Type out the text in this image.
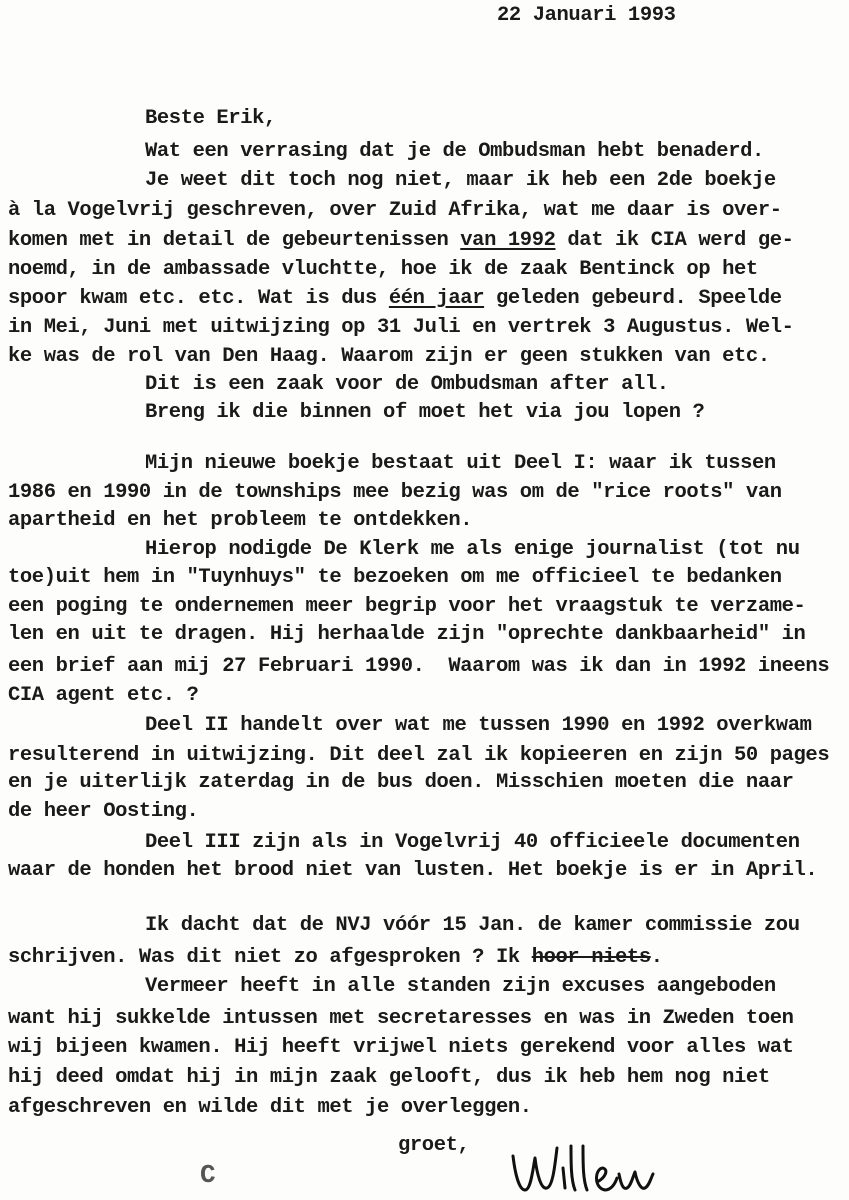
22 Januari 1993
Beste Erik,
Wat een verrasing dat je de Ombudsman hebt benaderd.
Je weet dit toch nog niet, maar ik heb een 2de boekje
à la Vogelvrij geschreven, over Zuid Afrika, wat me daar is over-
komen met in detail de gebeurtenissen van 1992 dat ik CIA werd ge-
noemd, in de ambassade vluchtte, hoe ik de zaak Bentinck op het
spoor kwam etc. etc. Wat is dus één jaar geleden gebeurd. Speelde
in Mei, Juni met uitwijzing op 31 Juli en vertrek 3 Augustus. Wel-
ke was de rol van Den Haag. Waarom zijn er geen stukken van etc.
Dit is een zaak voor de Ombudsman after all.
Breng ik die binnen of moet het via jou lopen ?
Mijn nieuwe boekje bestaat uit Deel I: waar ik tussen
1986 en 1990 in de townships mee bezig was om de "rice roots" van
apartheid en het probleem te ontdekken.
Hierop nodigde De Klerk me als enige journalist (tot nu
toe)uit hem in "Tuynhuys" te bezoeken om me officieel te bedanken
een poging te ondernemen meer begrip voor het vraagstuk te verzame-
len en uit te dragen. Hij herhaalde zijn "oprechte dankbaarheid" in
een brief aan mij 27 Februari 1990.  Waarom was ik dan in 1992 ineens
CIA agent etc. ?
Deel II handelt over wat me tussen 1990 en 1992 overkwam
resulterend in uitwijzing. Dit deel zal ik kopieeren en zijn 50 pages
en je uiterlijk zaterdag in de bus doen. Misschien moeten die naar
de heer Oosting.
Deel III zijn als in Vogelvrij 40 officieele documenten
waar de honden het brood niet van lusten. Het boekje is er in April.
Ik dacht dat de NVJ vóór 15 Jan. de kamer commissie zou
schrijven. Was dit niet zo afgesproken ? Ik hoor niets.
Vermeer heeft in alle standen zijn excuses aangeboden
want hij sukkelde intussen met secretaresses en was in Zweden toen
wij bijeen kwamen. Hij heeft vrijwel niets gerekend voor alles wat
hij deed omdat hij in mijn zaak gelooft, dus ik heb hem nog niet
afgeschreven en wilde dit met je overleggen.
groet,
C
